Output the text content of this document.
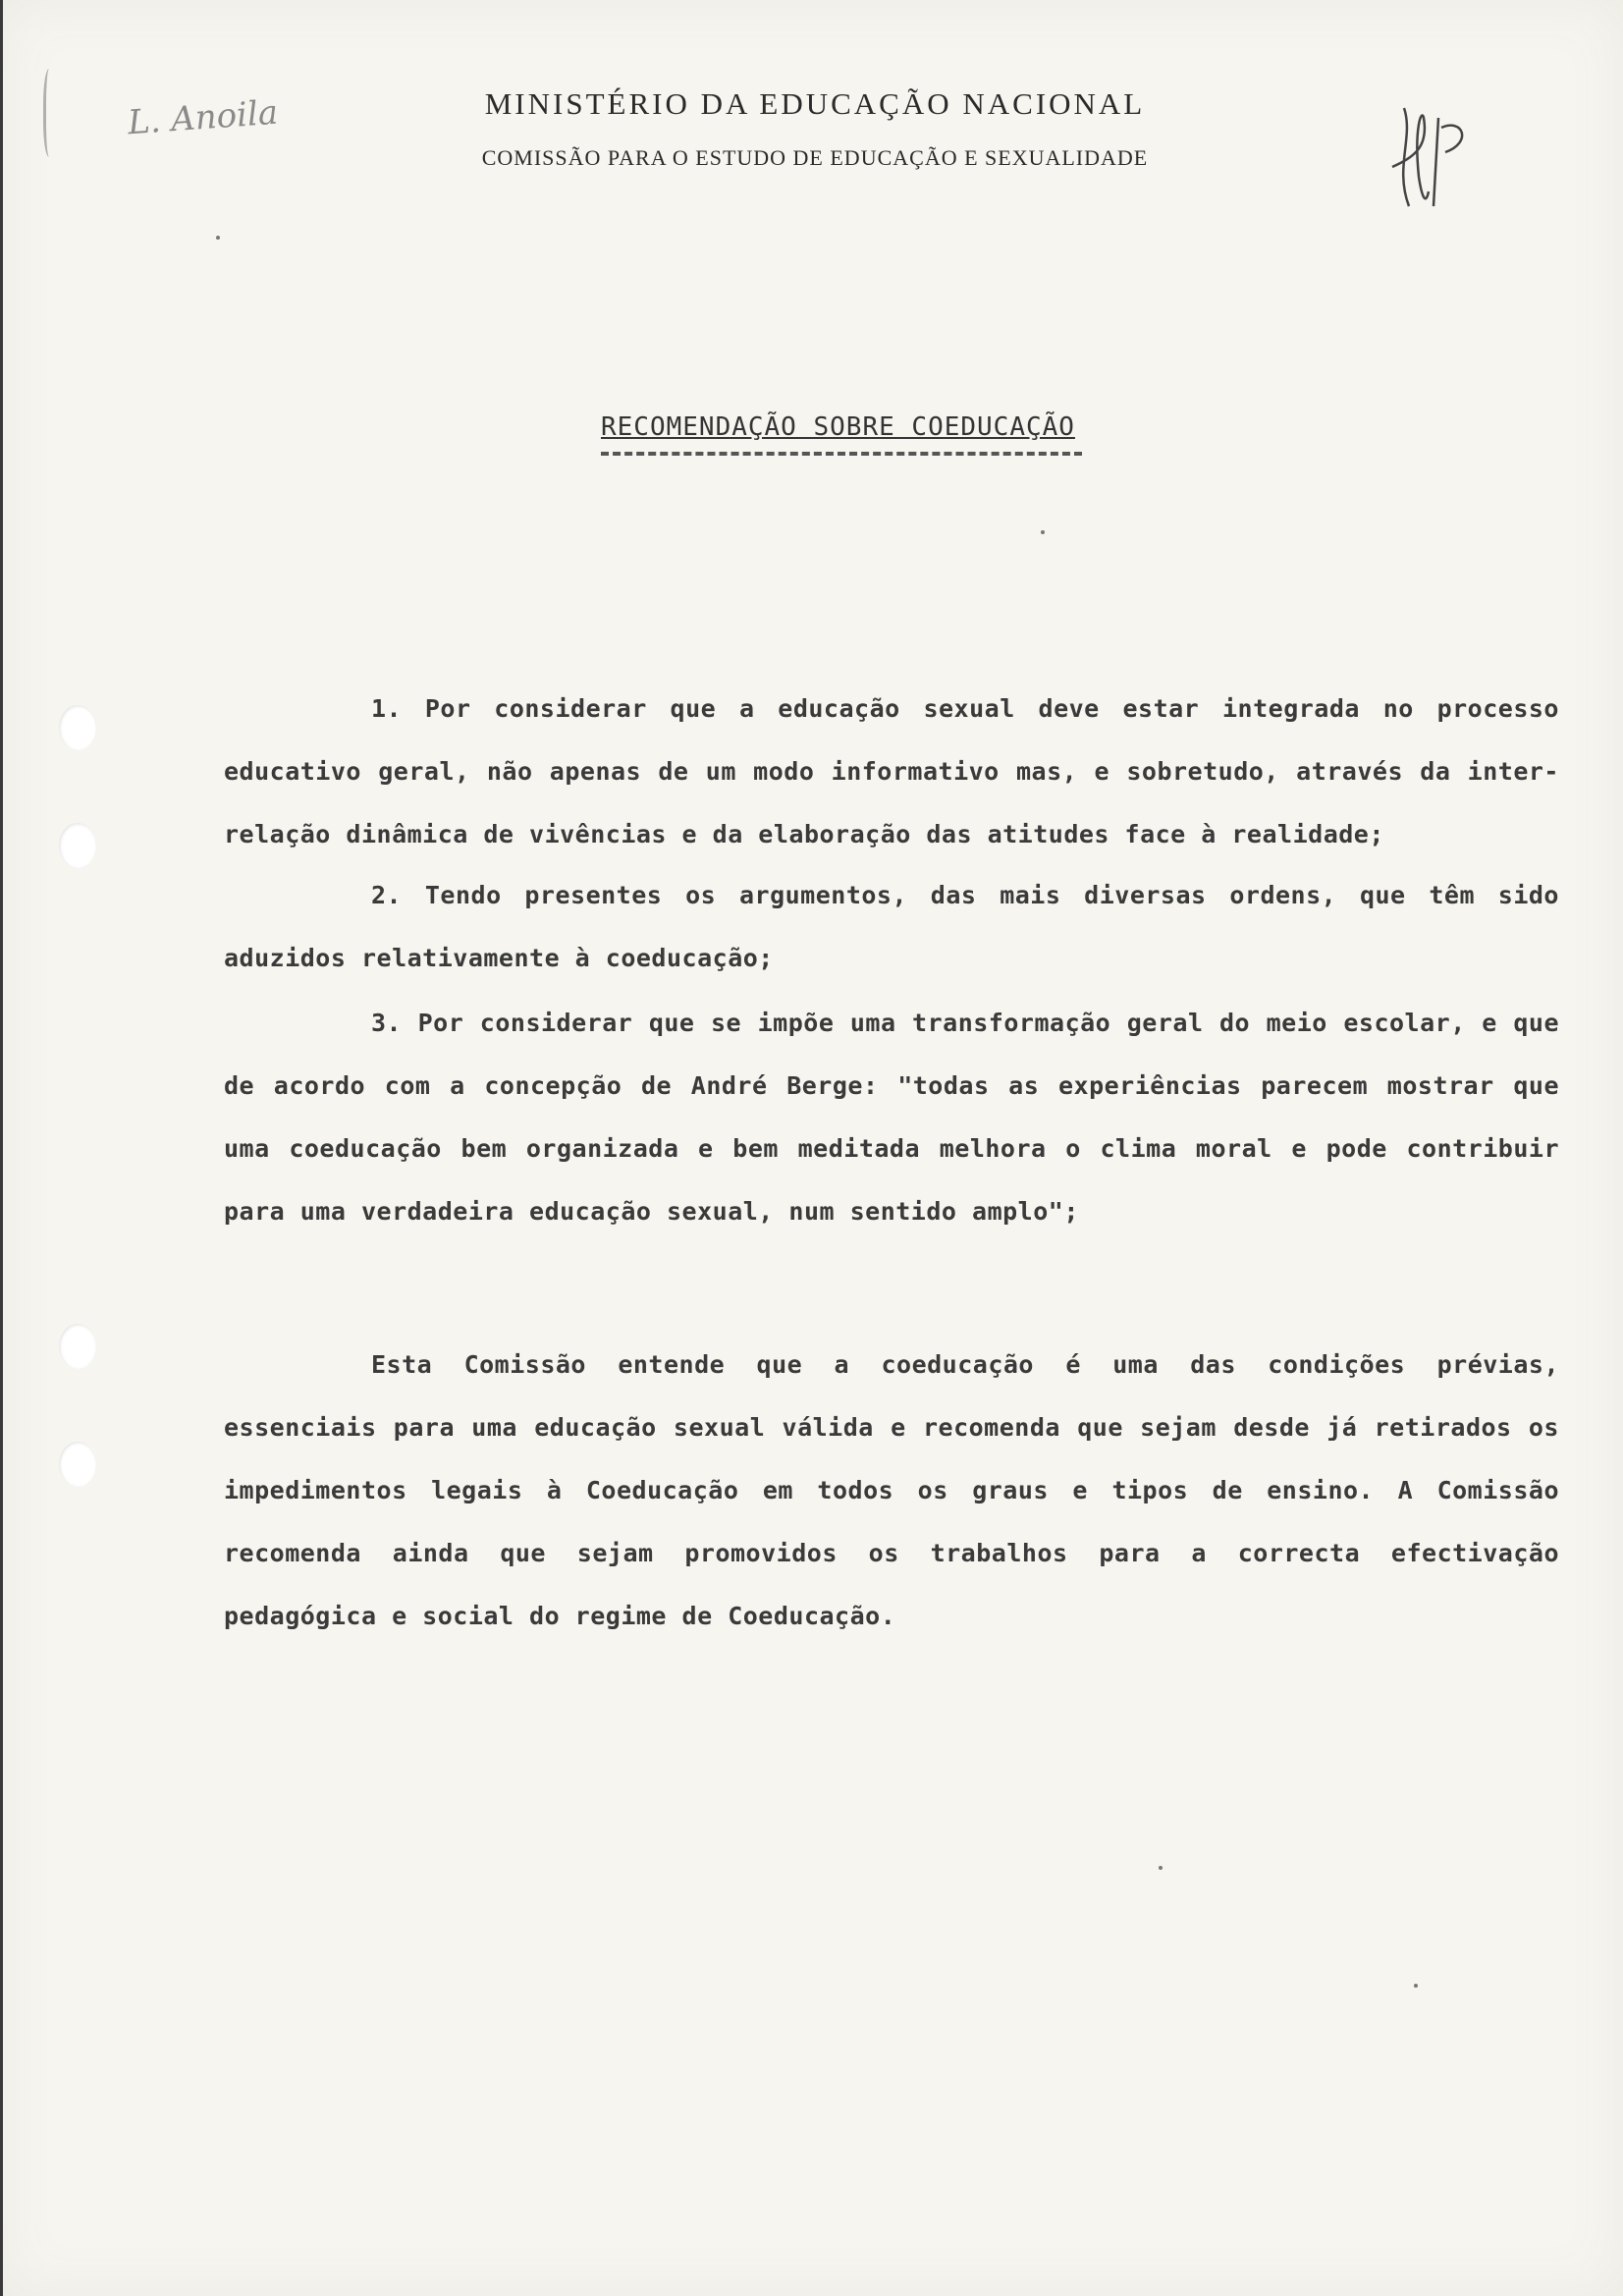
L. Anoila	MINISTÉRIO DA EDUCAÇÃO NACIONAL
COMISSÃO PARA O ESTUDO DE EDUCAÇÃO E SEXUALIDADE
RECOMENDAÇÃO SOBRE COEDUCAÇÃO

1. Por considerar que a educação sexual deve estar integrada no processo educativo geral, não apenas de um modo informativo mas, e sobretudo, através da inter-relação dinâmica de vivências e da elaboração das atitudes face à realidade;

2. Tendo presentes os argumentos, das mais diversas ordens, que têm sido aduzidos relativamente à coeducação;

3. Por considerar que se impõe uma transformação geral do meio escolar, e que de acordo com a concepção de André Berge: "todas as experiências parecem mostrar que uma coeducação bem organizada e bem meditada melhora o clima moral e pode contribuir para uma verdadeira educação sexual, num sentido amplo";

Esta Comissão entende que a coeducação é uma das condições prévias, essenciais para uma educação sexual válida e recomenda que sejam desde já retirados os impedimentos legais à Coeducação em todos os graus e tipos de ensino. A Comissão recomenda ainda que sejam promovidos os trabalhos para a correcta efectivação pedagógica e social do regime de Coeducação.
